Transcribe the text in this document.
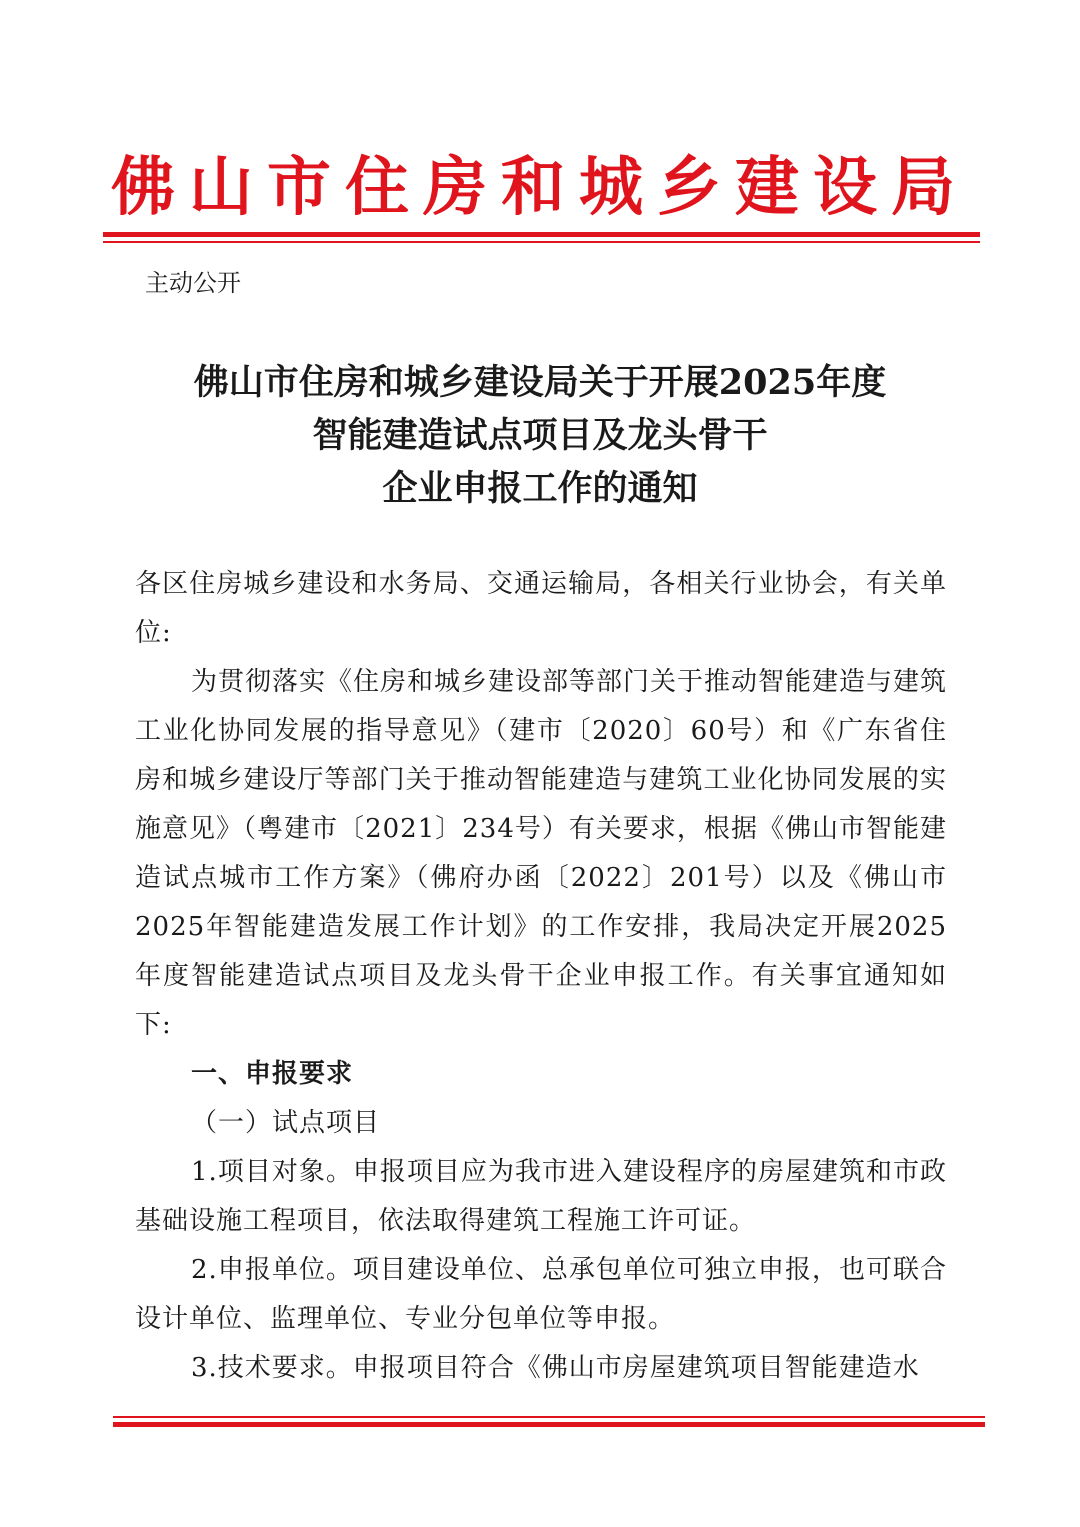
佛山市住房和城乡建设局
主动公开
佛山市住房和城乡建设局关于开展2025年度
智能建造试点项目及龙头骨干
企业申报工作的通知

各区住房城乡建设和水务局、交通运输局，各相关行业协会，有关单位:

为贯彻落实《住房和城乡建设部等部门关于推动智能建造与建筑工业化协同发展的指导意见》（建市〔2020〕60号）和《广东省住房和城乡建设厅等部门关于推动智能建造与建筑工业化协同发展的实施意见》（粤建市〔2021〕234号）有关要求，根据《佛山市智能建造试点城市工作方案》（佛府办函〔2022〕201号）以及《佛山市2025年智能建造发展工作计划》的工作安排，我局决定开展2025年度智能建造试点项目及龙头骨干企业申报工作。有关事宜通知如下:

一、申报要求

（一）试点项目

1.项目对象。申报项目应为我市进入建设程序的房屋建筑和市政基础设施工程项目，依法取得建筑工程施工许可证。

2.申报单位。项目建设单位、总承包单位可独立申报，也可联合设计单位、监理单位、专业分包单位等申报。

3.技术要求。申报项目符合《佛山市房屋建筑项目智能建造水
